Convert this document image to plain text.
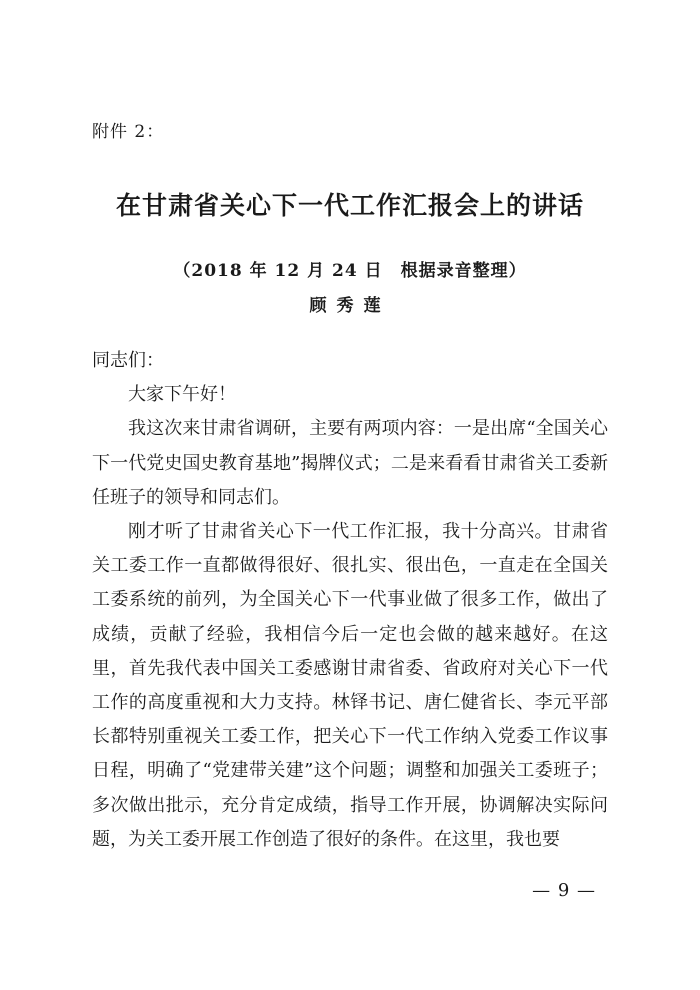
附件 2：
在甘肃省关心下一代工作汇报会上的讲话
（2018 年 12 月 24 日　根据录音整理）
顾秀莲

同志们：

大家下午好！

我这次来甘肃省调研，主要有两项内容：一是出席“全国关心下一代党史国史教育基地”揭牌仪式；二是来看看甘肃省关工委新任班子的领导和同志们。

刚才听了甘肃省关心下一代工作汇报，我十分高兴。甘肃省关工委工作一直都做得很好、很扎实、很出色，一直走在全国关工委系统的前列，为全国关心下一代事业做了很多工作，做出了成绩，贡献了经验，我相信今后一定也会做的越来越好。在这里，首先我代表中国关工委感谢甘肃省委、省政府对关心下一代工作的高度重视和大力支持。林铎书记、唐仁健省长、李元平部长都特别重视关工委工作，把关心下一代工作纳入党委工作议事日程，明确了“党建带关建”这个问题；调整和加强关工委班子；多次做出批示，充分肯定成绩，指导工作开展，协调解决实际问题，为关工委开展工作创造了很好的条件。在这里，我也要

— 9 —
